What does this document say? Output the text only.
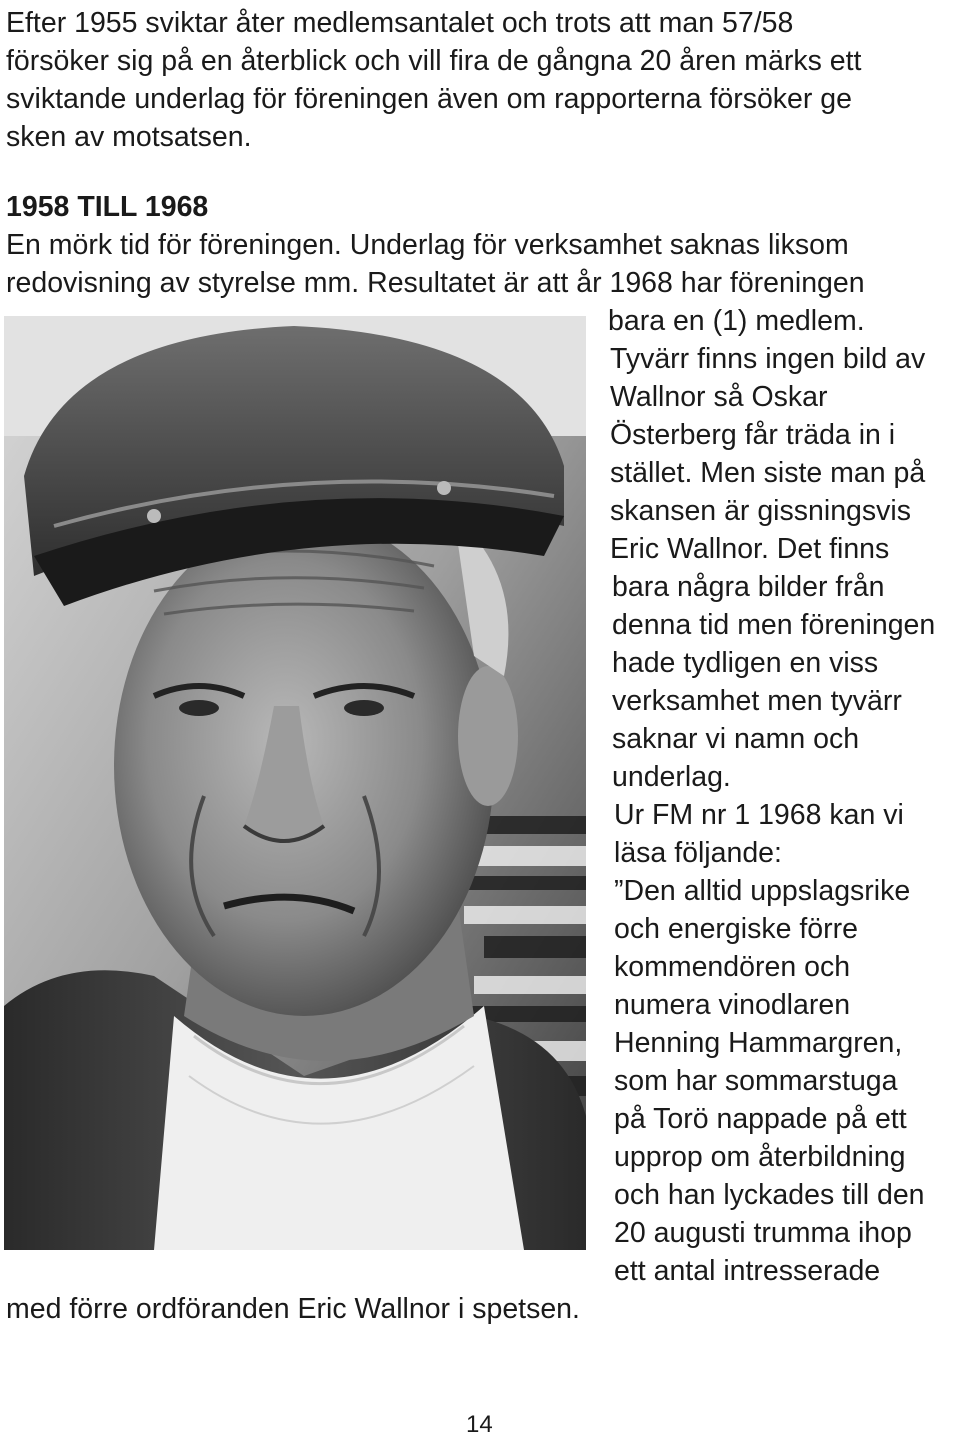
Efter 1955 sviktar åter medlemsantalet och trots att man 57/58
försöker sig på en återblick och vill fira de gångna 20 åren märks ett
sviktande underlag för föreningen även om rapporterna försöker ge
sken av motsatsen.
1958 TILL 1968
En mörk tid för föreningen. Underlag för verksamhet saknas liksom
redovisning av styrelse mm. Resultatet är att år 1968 har föreningen
bara en (1) medlem.
Tyvärr finns ingen bild av
Wallnor så Oskar
Österberg får träda in i
stället. Men siste man på
skansen är gissningsvis
Eric Wallnor. Det finns
bara några bilder från
denna tid men föreningen
hade tydligen en viss
verksamhet men tyvärr
saknar vi namn och
underlag.
Ur FM nr 1 1968 kan vi
läsa följande:
”Den alltid uppslagsrike
och energiske förre
kommendören och
numera vinodlaren
Henning Hammargren,
som har sommarstuga
på Torö nappade på ett
upprop om återbildning
och han lyckades till den
20 augusti trumma ihop
ett antal intresserade
med förre ordföranden Eric Wallnor i spetsen.
14
